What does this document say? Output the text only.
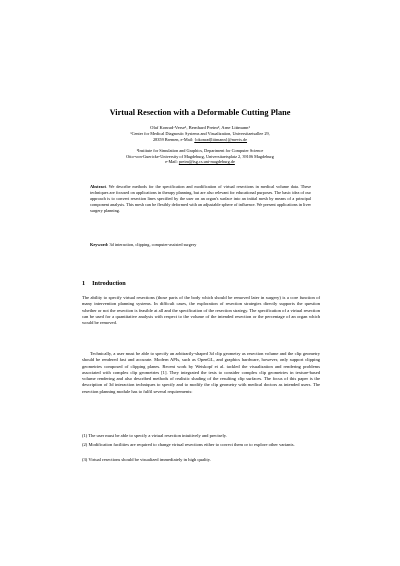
Virtual Resection with a Deformable Cutting Plane
Olaf Konrad-Verse¹, Bernhard Preim², Arne Littmann¹
¹Center for Medical Diagnostic Systems and Visualization, Universitaetsallee 29,
28359 Bremen, e-Mail: {okonrad|littmann}@mevis.de
²Institute for Simulation and Graphics, Department for Computer Science
Otto-von-Guericke-University of Magdeburg, Universitaetsplatz 2, 39106 Magdeburg
e-Mail: preim@isg.cs.uni-magdeburg.de
Abstract. We describe methods for the specification and modification of virtual resections in medical volume data. These techniques are focused on applications in therapy planning, but are also relevant for educational purposes. The basic idea of our approach is to convert resection lines specified by the user on an organ's surface into an initial mesh by means of a principal component analysis. This mesh can be flexibly deformed with an adjustable sphere of influence. We present applications in liver surgery planning.
Keyword: 3d interaction, clipping, computer-assisted surgery
1 Introduction
The ability to specify virtual resections (those parts of the body which should be removed later in surgery) is a core function of many intervention planning systems. In difficult cases, the exploration of resection strategies directly supports the question whether or not the resection is feasible at all and the specification of the resection strategy. The specification of a virtual resection can be used for a quantitative analysis with respect to the volume of the intended resection or the percentage of an organ which would be removed.
Technically, a user must be able to specify an arbitrarily-shaped 3d clip geometry as resection volume and the clip geometry should be rendered fast and accurate. Modern APIs, such as OpenGL, and graphics hardware, however, only support clipping geometries composed of clipping planes. Recent work by Weiskopf et al. tackled the visualization and rendering problems associated with complex clip geometries [1]. They integrated the tests to consider complex clip geometries in texture-based volume rendering and also described methods of realistic shading of the resulting clip surfaces. The focus of this paper is the description of 3d interaction techniques to specify and to modify the clip geometry with medical doctors as intended users. The resection planning module has to fulfil several requirements:
(1) The user must be able to specify a virtual resection intuitively and precisely.
(2) Modification facilities are required to change virtual resections either to correct them or to explore other variants.
(3) Virtual resections should be visualized immediately in high quality.
